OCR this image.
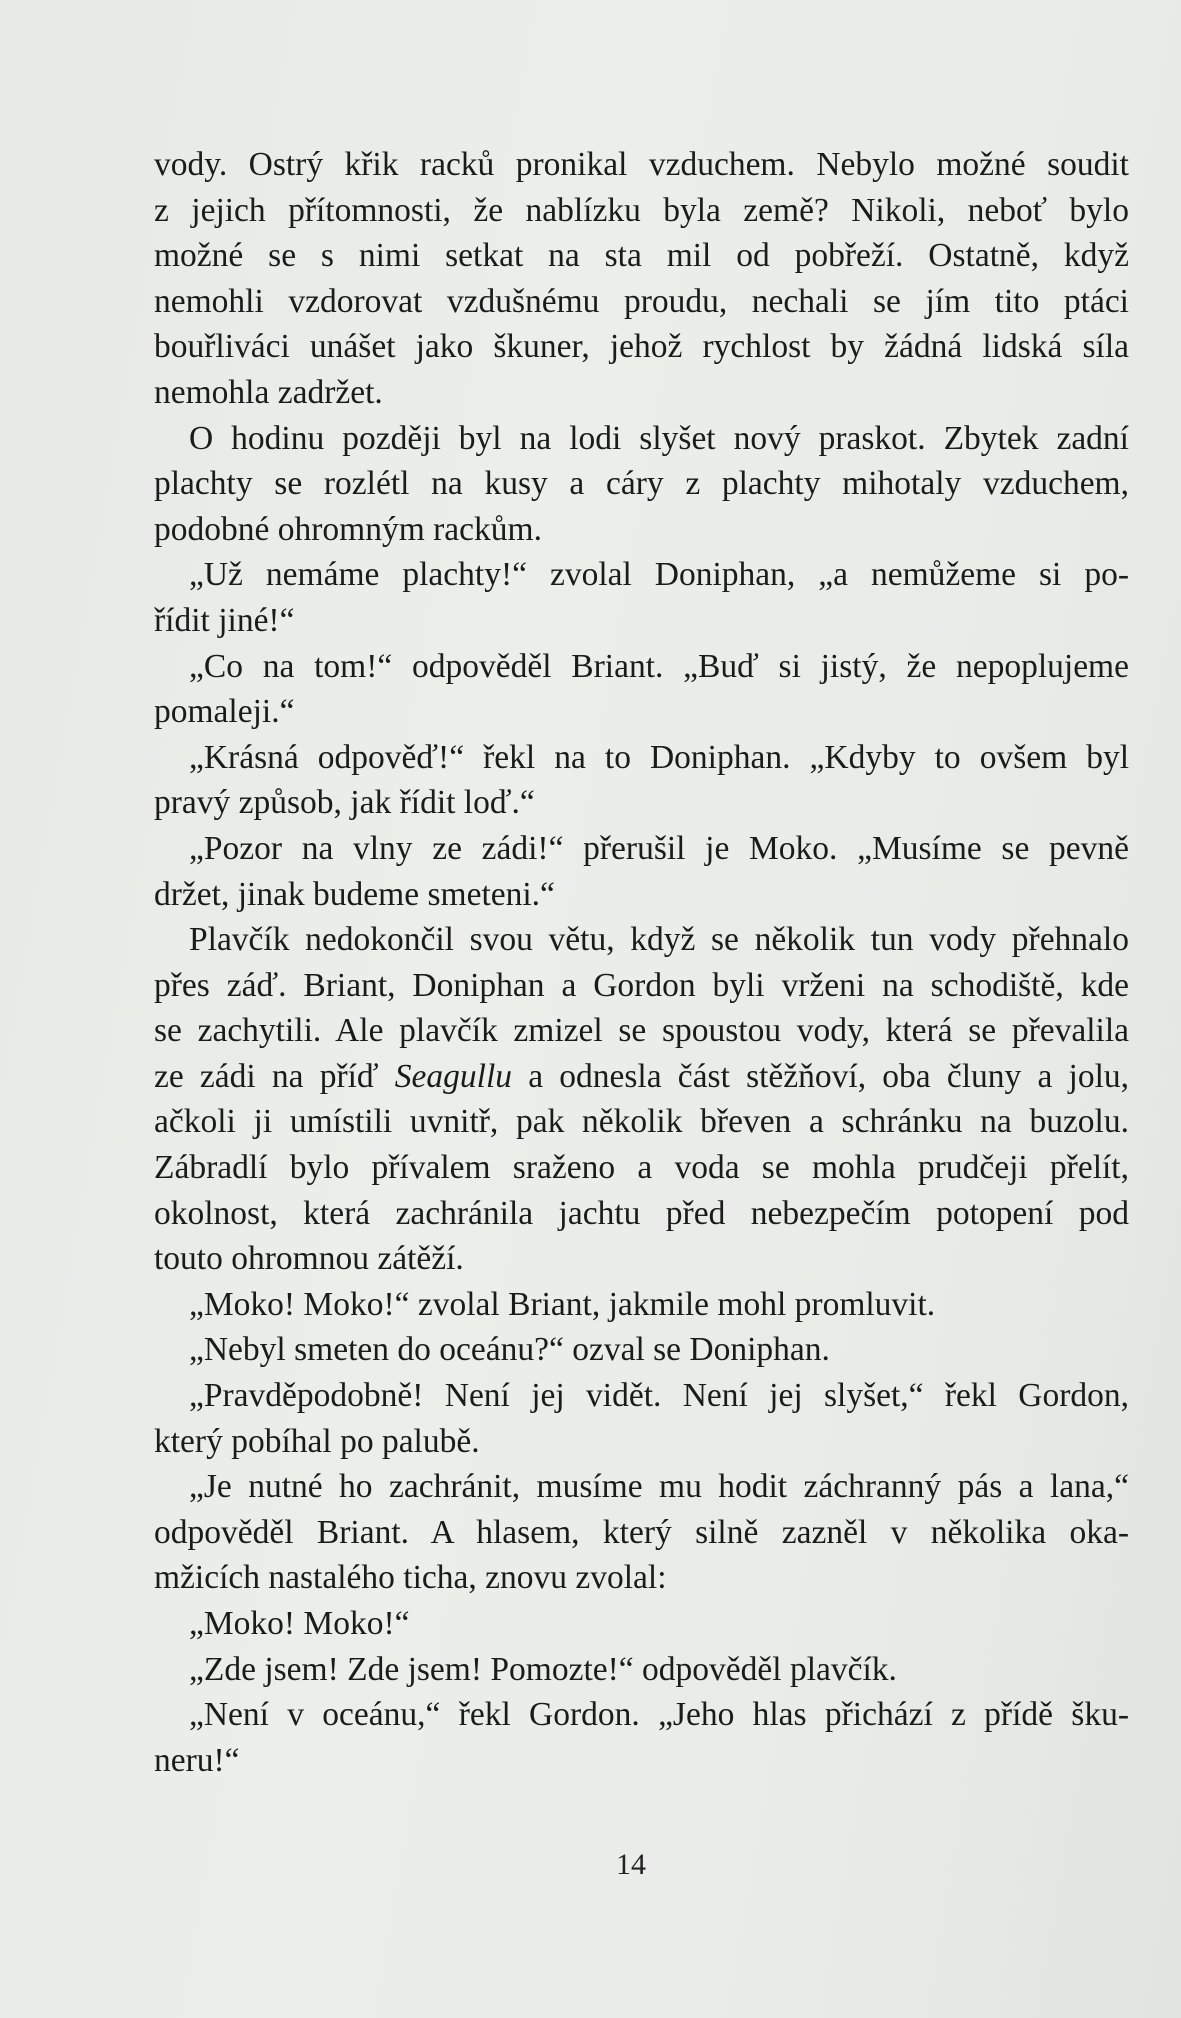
vody. Ostrý křik racků pronikal vzduchem. Nebylo možné soudit
z jejich přítomnosti, že nablízku byla země? Nikoli, neboť bylo
možné se s nimi setkat na sta mil od pobřeží. Ostatně, když
nemohli vzdorovat vzdušnému proudu, nechali se jím tito ptáci
bouřliváci unášet jako škuner, jehož rychlost by žádná lidská síla
nemohla zadržet.
O hodinu později byl na lodi slyšet nový praskot. Zbytek zadní
plachty se rozlétl na kusy a cáry z plachty mihotaly vzduchem,
podobné ohromným rackům.
„Už nemáme plachty!“ zvolal Doniphan, „a nemůžeme si po-
řídit jiné!“
„Co na tom!“ odpověděl Briant. „Buď si jistý, že nepoplujeme
pomaleji.“
„Krásná odpověď!“ řekl na to Doniphan. „Kdyby to ovšem byl
pravý způsob, jak řídit loď.“
„Pozor na vlny ze zádi!“ přerušil je Moko. „Musíme se pevně
držet, jinak budeme smeteni.“
Plavčík nedokončil svou větu, když se několik tun vody přehnalo
přes záď. Briant, Doniphan a Gordon byli vrženi na schodiště, kde
se zachytili. Ale plavčík zmizel se spoustou vody, která se převalila
ze zádi na příď Seagullu a odnesla část stěžňoví, oba čluny a jolu,
ačkoli ji umístili uvnitř, pak několik břeven a schránku na buzolu.
Zábradlí bylo přívalem sraženo a voda se mohla prudčeji přelít,
okolnost, která zachránila jachtu před nebezpečím potopení pod
touto ohromnou zátěží.
„Moko! Moko!“ zvolal Briant, jakmile mohl promluvit.
„Nebyl smeten do oceánu?“ ozval se Doniphan.
„Pravděpodobně! Není jej vidět. Není jej slyšet,“ řekl Gordon,
který pobíhal po palubě.
„Je nutné ho zachránit, musíme mu hodit záchranný pás a lana,“
odpověděl Briant. A hlasem, který silně zazněl v několika oka-
mžicích nastalého ticha, znovu zvolal:
„Moko! Moko!“
„Zde jsem! Zde jsem! Pomozte!“ odpověděl plavčík.
„Není v oceánu,“ řekl Gordon. „Jeho hlas přichází z přídě šku-
neru!“
14
